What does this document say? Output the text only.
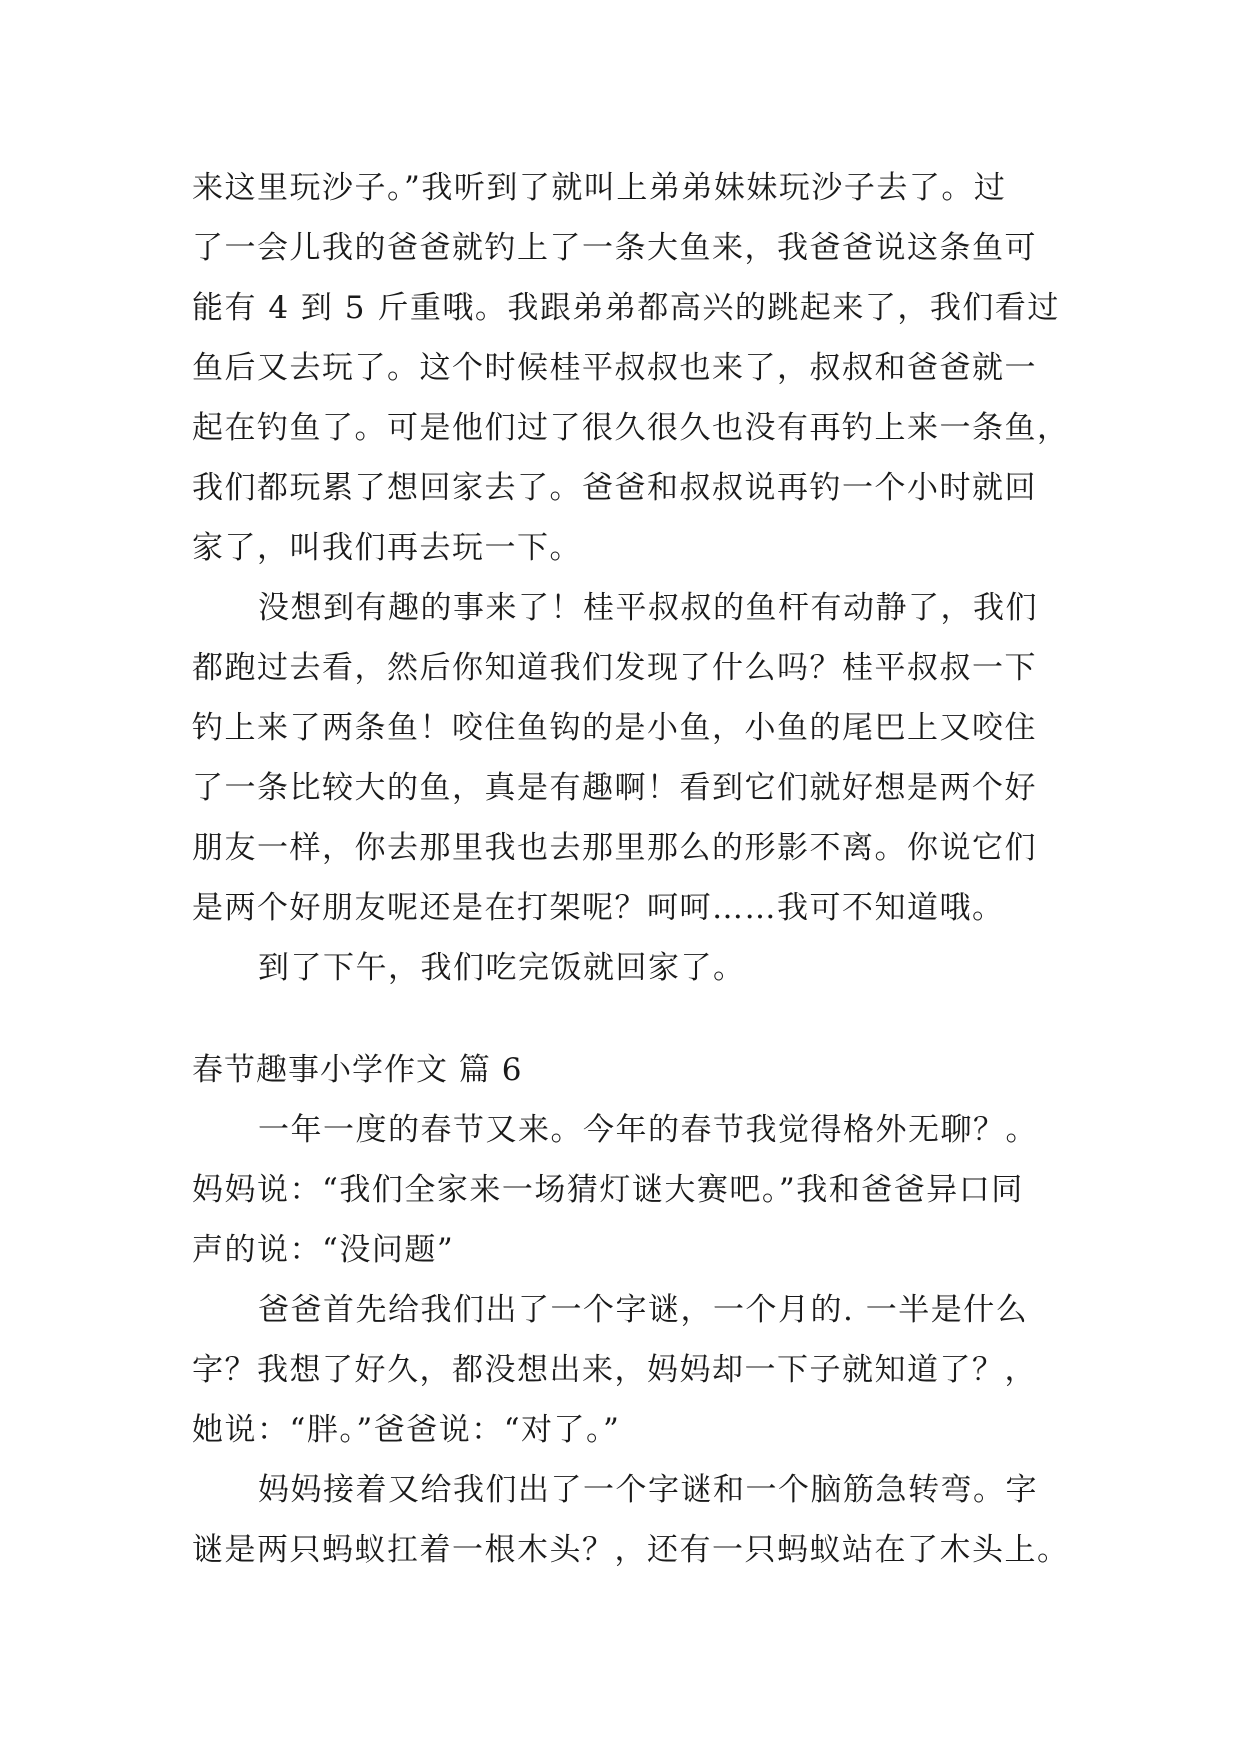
来这里玩沙子。”我听到了就叫上弟弟妹妹玩沙子去了。过
了一会儿我的爸爸就钓上了一条大鱼来，我爸爸说这条鱼可
能有 4 到 5 斤重哦。我跟弟弟都高兴的跳起来了，我们看过
鱼后又去玩了。这个时候桂平叔叔也来了，叔叔和爸爸就一
起在钓鱼了。可是他们过了很久很久也没有再钓上来一条鱼，
我们都玩累了想回家去了。爸爸和叔叔说再钓一个小时就回
家了，叫我们再去玩一下。
没想到有趣的事来了！桂平叔叔的鱼杆有动静了，我们
都跑过去看，然后你知道我们发现了什么吗？桂平叔叔一下
钓上来了两条鱼！咬住鱼钩的是小鱼，小鱼的尾巴上又咬住
了一条比较大的鱼，真是有趣啊！看到它们就好想是两个好
朋友一样，你去那里我也去那里那么的形影不离。你说它们
是两个好朋友呢还是在打架呢？呵呵……我可不知道哦。
到了下午，我们吃完饭就回家了。
春节趣事小学作文 篇 6
一年一度的春节又来。今年的春节我觉得格外无聊？。
妈妈说：“我们全家来一场猜灯谜大赛吧。”我和爸爸异口同
声的说：“没问题”
爸爸首先给我们出了一个字谜，一个月的. 一半是什么
字？我想了好久，都没想出来，妈妈却一下子就知道了？，
她说：“胖。”爸爸说：“对了。”
妈妈接着又给我们出了一个字谜和一个脑筋急转弯。字
谜是两只蚂蚁扛着一根木头？，还有一只蚂蚁站在了木头上。
